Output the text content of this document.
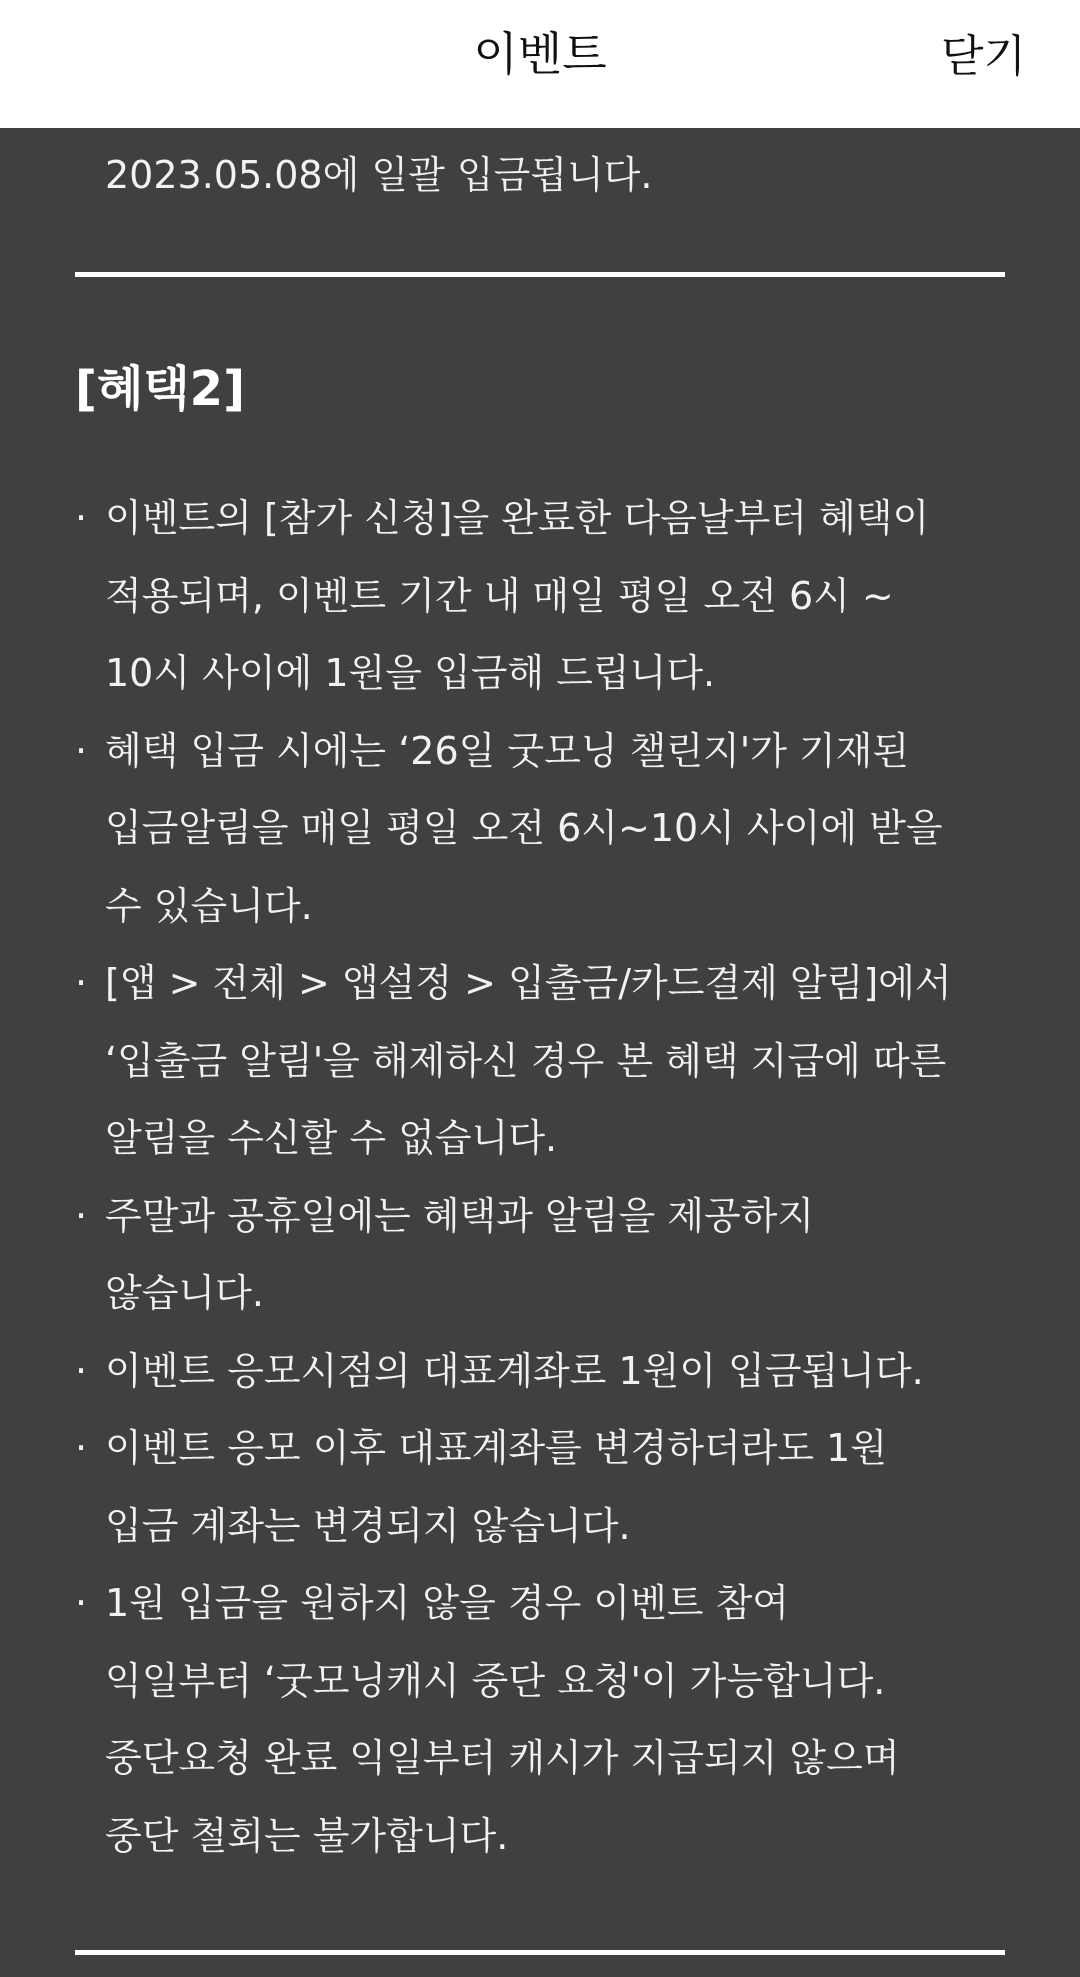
이벤트	닫기
2023.05.08에 일괄 입금됩니다.
[혜택2]
· 이벤트의 [참가 신청]을 완료한 다음날부터 혜택이
적용되며, 이벤트 기간 내 매일 평일 오전 6시 ~
10시 사이에 1원을 입금해 드립니다.
· 혜택 입금 시에는 ‘26일 굿모닝 챌린지'가 기재된
입금알림을 매일 평일 오전 6시~10시 사이에 받을
수 있습니다.
· [앱 > 전체 > 앱설정 > 입출금/카드결제 알림]에서
‘입출금 알림'을 해제하신 경우 본 혜택 지급에 따른
알림을 수신할 수 없습니다.
· 주말과 공휴일에는 혜택과 알림을 제공하지
않습니다.
· 이벤트 응모시점의 대표계좌로 1원이 입금됩니다.
· 이벤트 응모 이후 대표계좌를 변경하더라도 1원
입금 계좌는 변경되지 않습니다.
· 1원 입금을 원하지 않을 경우 이벤트 참여
익일부터 ‘굿모닝캐시 중단 요청'이 가능합니다.
중단요청 완료 익일부터 캐시가 지급되지 않으며
중단 철회는 불가합니다.
